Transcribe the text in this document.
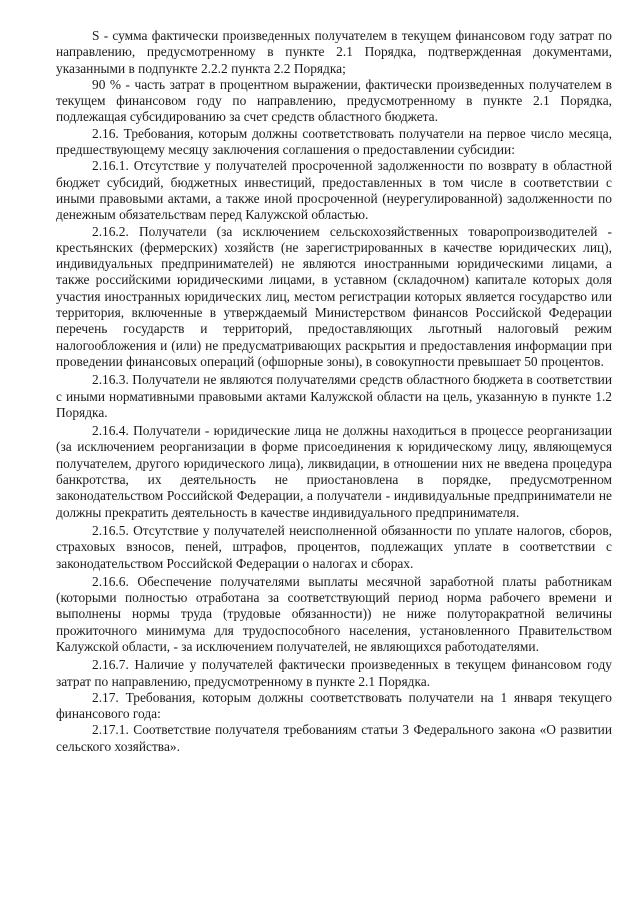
S - сумма фактически произведенных получателем в текущем финансовом году затрат по направлению, предусмотренному в пункте 2.1 Порядка, подтвержденная документами, указанными в подпункте 2.2.2 пункта 2.2 Порядка;

90 % - часть затрат в процентном выражении, фактически произведенных получателем в текущем финансовом году по направлению, предусмотренному в пункте 2.1 Порядка, подлежащая субсидированию за счет средств областного бюджета.

2.16. Требования, которым должны соответствовать получатели на первое число месяца, предшествующему месяцу заключения соглашения о предоставлении субсидии:

2.16.1. Отсутствие у получателей просроченной задолженности по возврату в областной бюджет субсидий, бюджетных инвестиций, предоставленных в том числе в соответствии с иными правовыми актами, а также иной просроченной (неурегулированной) задолженности по денежным обязательствам перед Калужской областью.

2.16.2. Получатели (за исключением сельскохозяйственных товаропроизводителей - крестьянских (фермерских) хозяйств (не зарегистрированных в качестве юридических лиц), индивидуальных предпринимателей) не являются иностранными юридическими лицами, а также российскими юридическими лицами, в уставном (складочном) капитале которых доля участия иностранных юридических лиц, местом регистрации которых является государство или территория, включенные в утверждаемый Министерством финансов Российской Федерации перечень государств и территорий, предоставляющих льготный налоговый режим налогообложения и (или) не предусматривающих раскрытия и предоставления информации при проведении финансовых операций (офшорные зоны), в совокупности превышает 50 процентов.

2.16.3. Получатели не являются получателями средств областного бюджета в соответствии с иными нормативными правовыми актами Калужской области на цель, указанную в пункте 1.2 Порядка.

2.16.4. Получатели - юридические лица не должны находиться в процессе реорганизации (за исключением реорганизации в форме присоединения к юридическому лицу, являющемуся получателем, другого юридического лица), ликвидации, в отношении них не введена процедура банкротства, их деятельность не приостановлена в порядке, предусмотренном законодательством Российской Федерации, а получатели - индивидуальные предприниматели не должны прекратить деятельность в качестве индивидуального предпринимателя.

2.16.5. Отсутствие у получателей неисполненной обязанности по уплате налогов, сборов, страховых взносов, пеней, штрафов, процентов, подлежащих уплате в соответствии с законодательством Российской Федерации о налогах и сборах.

2.16.6. Обеспечение получателями выплаты месячной заработной платы работникам (которыми полностью отработана за соответствующий период норма рабочего времени и выполнены нормы труда (трудовые обязанности)) не ниже полуторакратной величины прожиточного минимума для трудоспособного населения, установленного Правительством Калужской области, - за исключением получателей, не являющихся работодателями.

2.16.7. Наличие у получателей фактически произведенных в текущем финансовом году затрат по направлению, предусмотренному в пункте 2.1 Порядка.

2.17. Требования, которым должны соответствовать получатели на 1 января текущего финансового года:

2.17.1. Соответствие получателя требованиям статьи 3 Федерального закона «О развитии сельского хозяйства».
